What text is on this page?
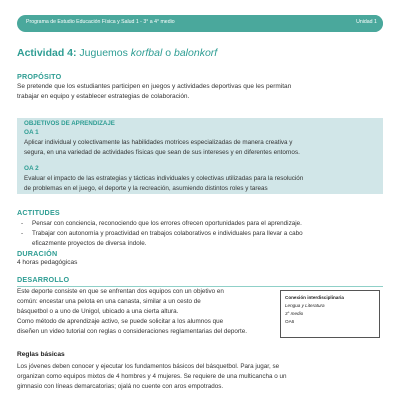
Programa de Estudio Educación Física y Salud 1 - 3° a 4° medio	Unidad 1
Actividad 4: Juguemos korfbal o balonkorf
PROPÓSITO
Se pretende que los estudiantes participen en juegos y actividades deportivas que les permitan
trabajar en equipo y establecer estrategias de colaboración.
OBJETIVOS DE APRENDIZAJE
OA 1
Aplicar individual y colectivamente las habilidades motrices especializadas de manera creativa y
segura, en una variedad de actividades físicas que sean de sus intereses y en diferentes entornos.
OA 2
Evaluar el impacto de las estrategias y tácticas individuales y colectivas utilizadas para la resolución
de problemas en el juego, el deporte y la recreación, asumiendo distintos roles y tareas
ACTITUDES
- Pensar con conciencia, reconociendo que los errores ofrecen oportunidades para el aprendizaje.
- Trabajar con autonomía y proactividad en trabajos colaborativos e individuales para llevar a cabo
eficazmente proyectos de diversa índole.
DURACIÓN
4 horas pedagógicas
DESARROLLO
Este deporte consiste en que se enfrentan dos equipos con un objetivo en
común: encestar una pelota en una canasta, similar a un cesto de
básquetbol o a uno de Unigol, ubicado a una cierta altura.
Como método de aprendizaje activo, se puede solicitar a los alumnos que
diseñen un video tutorial con reglas o consideraciones reglamentarias del deporte.
Conexión interdisciplinaria
Lengua y Literatura
3° medio
OA6
Reglas básicas
Los jóvenes deben conocer y ejecutar los fundamentos básicos del básquetbol. Para jugar, se
organizan como equipos mixtos de 4 hombres y 4 mujeres. Se requiere de una multicancha o un
gimnasio con líneas demarcatorias; ojalá no cuente con aros empotrados.
